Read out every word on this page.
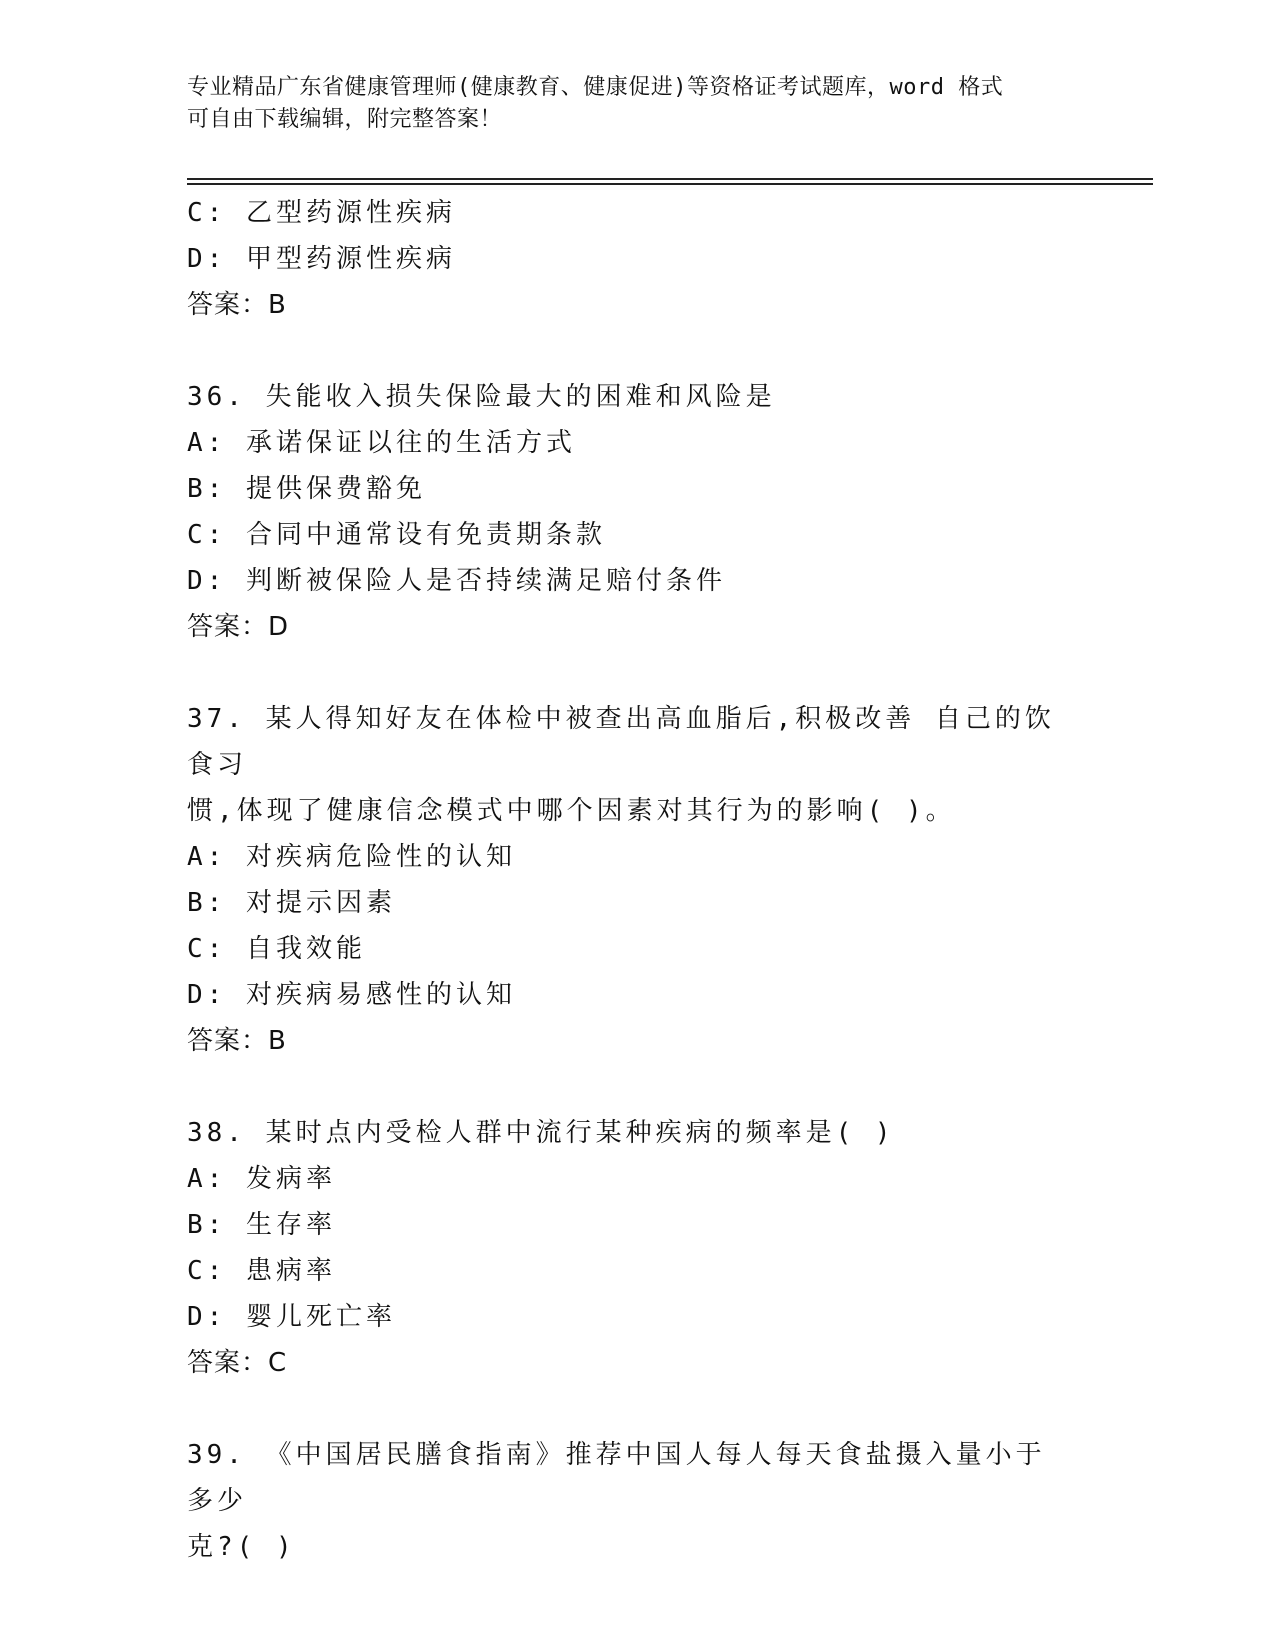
专业精品广东省健康管理师(健康教育、健康促进)等资格证考试题库，word 格式
可自由下载编辑，附完整答案！
C: 乙型药源性疾病
D: 甲型药源性疾病
答案：B
36. 失能收入损失保险最大的困难和风险是
A: 承诺保证以往的生活方式
B: 提供保费豁免
C: 合同中通常设有免责期条款
D: 判断被保险人是否持续满足赔付条件
答案：D
37. 某人得知好友在体检中被查出高血脂后,积极改善 自己的饮食习
惯,体现了健康信念模式中哪个因素对其行为的影响( )。
A: 对疾病危险性的认知
B: 对提示因素
C: 自我效能
D: 对疾病易感性的认知
答案：B
38. 某时点内受检人群中流行某种疾病的频率是( )
A: 发病率
B: 生存率
C: 患病率
D: 婴儿死亡率
答案：C
39. 《中国居民膳食指南》推荐中国人每人每天食盐摄入量小于多少
克?( )
